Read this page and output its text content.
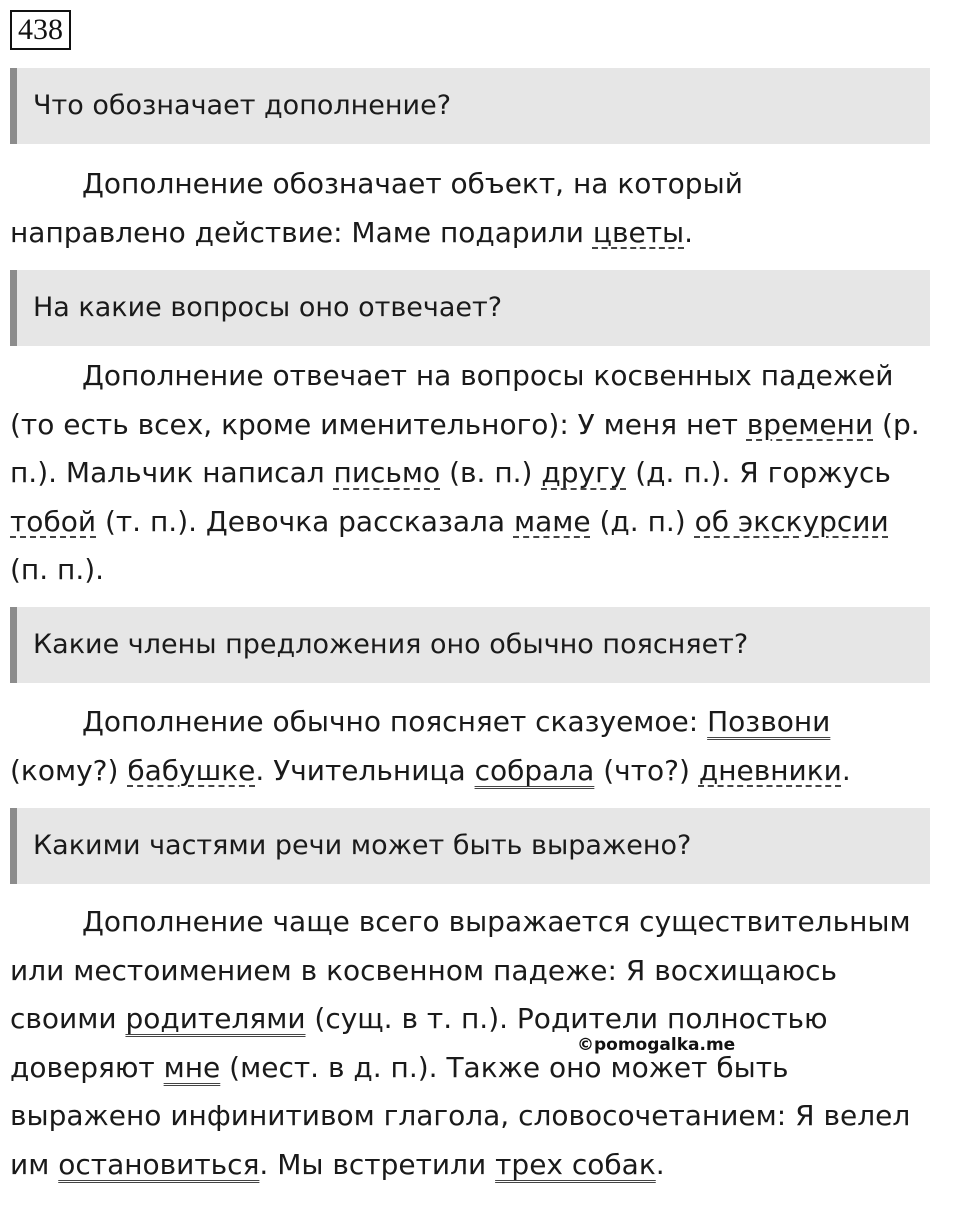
438
Что обозначает дополнение?
Дополнение обозначает объект, на который
направлено действие: Маме подарили цветы.
На какие вопросы оно отвечает?
Дополнение отвечает на вопросы косвенных падежей
(то есть всех, кроме именительного): У меня нет времени (р.
п.). Мальчик написал письмо (в. п.) другу (д. п.). Я горжусь
тобой (т. п.). Девочка рассказала маме (д. п.) об экскурсии
(п. п.).
Какие члены предложения оно обычно поясняет?
Дополнение обычно поясняет сказуемое: Позвони
(кому?) бабушке. Учительница собрала (что?) дневники.
Какими частями речи может быть выражено?
Дополнение чаще всего выражается существительным
или местоимением в косвенном падеже: Я восхищаюсь
своими родителями (сущ. в т. п.). Родители полностью
доверяют мне (мест. в д. п.). Также оно может быть
выражено инфинитивом глагола, словосочетанием: Я велел
им остановиться. Мы встретили трех собак.
©pomogalka.me
